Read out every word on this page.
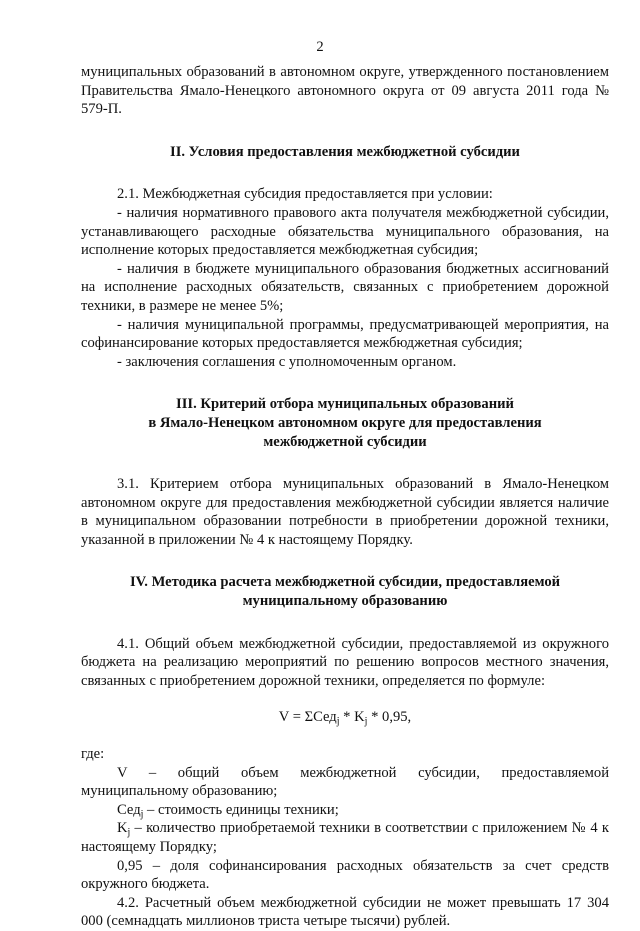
2

муниципальных образований в автономном округе, утвержденного постановлением Правительства Ямало-Ненецкого автономного округа от 09 августа 2011 года № 579-П.

II. Условия предоставления межбюджетной субсидии

2.1. Межбюджетная субсидия предоставляется при условии:

- наличия нормативного правового акта получателя межбюджетной субсидии, устанавливающего расходные обязательства муниципального образования, на исполнение которых предоставляется межбюджетная субсидия;

- наличия в бюджете муниципального образования бюджетных ассигнований на исполнение расходных обязательств, связанных с приобретением дорожной техники, в размере не менее 5%;

- наличия муниципальной программы, предусматривающей мероприятия, на софинансирование которых предоставляется межбюджетная субсидия;

- заключения соглашения с уполномоченным органом.

III. Критерий отбора муниципальных образований
в Ямало-Ненецком автономном округе для предоставления
межбюджетной субсидии

3.1. Критерием отбора муниципальных образований в Ямало-Ненецком автономном округе для предоставления межбюджетной субсидии является наличие в муниципальном образовании потребности в приобретении дорожной техники, указанной в приложении № 4 к настоящему Порядку.

IV. Методика расчета межбюджетной субсидии, предоставляемой
муниципальному образованию

4.1. Общий объем межбюджетной субсидии, предоставляемой из окружного бюджета на реализацию мероприятий по решению вопросов местного значения, связанных с приобретением дорожной техники, определяется по формуле:

$V = \Sigma Сед_j * K_j * 0,95$,

где:

V – общий объем межбюджетной субсидии, предоставляемой муниципальному образованию;

Сед$_j$ – стоимость единицы техники;

$K_j$ – количество приобретаемой техники в соответствии с приложением № 4 к настоящему Порядку;

0,95 – доля софинансирования расходных обязательств за счет средств окружного бюджета.

4.2. Расчетный объем межбюджетной субсидии не может превышать 17 304 000 (семнадцать миллионов триста четыре тысячи) рублей.
